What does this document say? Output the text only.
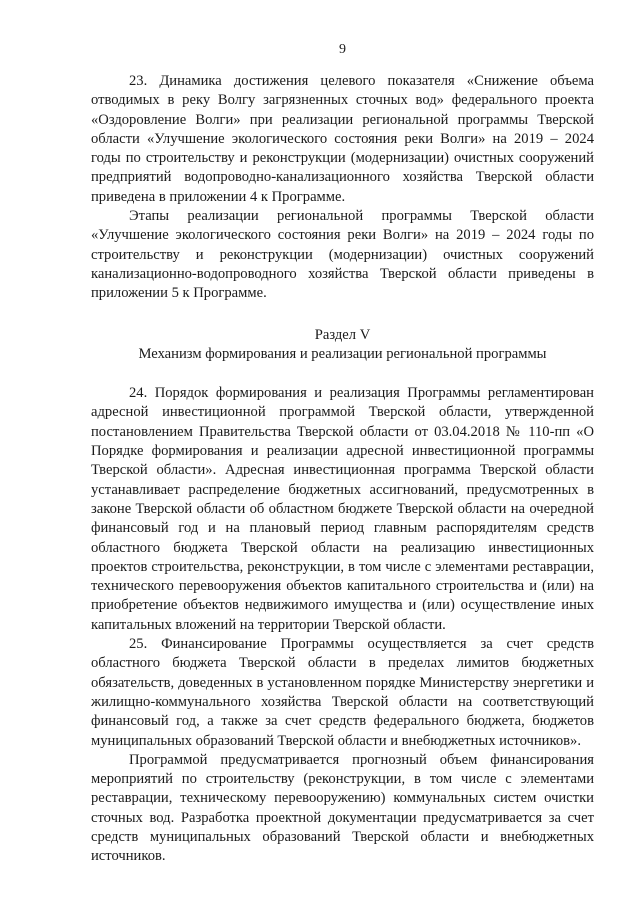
9

23. Динамика достижения целевого показателя «Снижение объема отводимых в реку Волгу загрязненных сточных вод» федерального проекта «Оздоровление Волги» при реализации региональной программы Тверской области «Улучшение экологического состояния реки Волги» на 2019 – 2024 годы по строительству и реконструкции (модернизации) очистных сооружений предприятий водопроводно-канализационного хозяйства Тверской области приведена в приложении 4 к Программе.

Этапы реализации региональной программы Тверской области «Улучшение экологического состояния реки Волги» на 2019 – 2024 годы по строительству и реконструкции (модернизации) очистных сооружений канализационно-водопроводного хозяйства Тверской области приведены в приложении 5 к Программе.

Раздел V

Механизм формирования и реализации региональной программы

24. Порядок формирования и реализация Программы регламентирован адресной инвестиционной программой Тверской области, утвержденной постановлением Правительства Тверской области от 03.04.2018 № 110-пп «О Порядке формирования и реализации адресной инвестиционной программы Тверской области». Адресная инвестиционная программа Тверской области устанавливает распределение бюджетных ассигнований, предусмотренных в законе Тверской области об областном бюджете Тверской области на очередной финансовый год и на плановый период главным распорядителям средств областного бюджета Тверской области на реализацию инвестиционных проектов строительства, реконструкции, в том числе с элементами реставрации, технического перевооружения объектов капитального строительства и (или) на приобретение объектов недвижимого имущества и (или) осуществление иных капитальных вложений на территории Тверской области.

25. Финансирование Программы осуществляется за счет средств областного бюджета Тверской области в пределах лимитов бюджетных обязательств, доведенных в установленном порядке Министерству энергетики и жилищно-коммунального хозяйства Тверской области на соответствующий финансовый год, а также за счет средств федерального бюджета, бюджетов муниципальных образований Тверской области и внебюджетных источников».

Программой предусматривается прогнозный объем финансирования мероприятий по строительству (реконструкции, в том числе с элементами реставрации, техническому перевооружению) коммунальных систем очистки сточных вод. Разработка проектной документации предусматривается за счет средств муниципальных образований Тверской области и внебюджетных источников.
